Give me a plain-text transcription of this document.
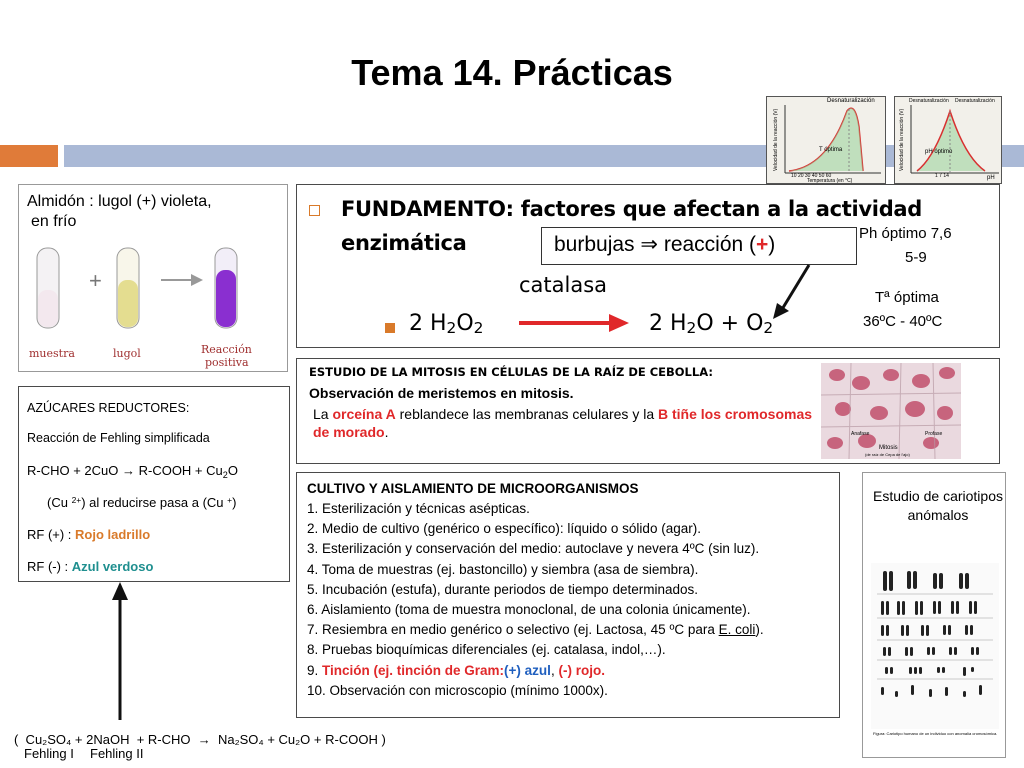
Tema 14. Prácticas
Desnaturalización
T óptima
10 20 30 40 50 60
Temperatura (en °C)
Velocidad de la reacción (V)
Desnaturalización Desnaturalización
pH óptimo
1 7 14	pH
Velocidad de la reacción (V)
Almidón : lugol (+) violeta,
en frío
+
muestra	lugol	Reacción
positiva
FUNDAMENTO: factores que afectan a la actividad
enzimática	burbujas ⇒ reacción (+)
catalasa
2 $H_2O_2$	2 $H_2O + O_2$
Ph óptimo 7,6
5-9
Tª óptima
36ºC - 40ºC
ESTUDIO DE LA MITOSIS EN CÉLULAS DE LA RAÍZ DE CEBOLLA:
Observación de meristemos en mitosis.
La orceína A reblandece las membranas celulares y la B tiñe los cromosomas de morado.	Anafase	Profase
Mitosis
(de raíz de Cepa de l'ajo)
AZÚCARES REDUCTORES:
Reacción de Fehling simplificada
R-CHO + 2CuO → R-COOH + $Cu_2O$
(Cu $^{2+}$) al reducirse pasa a (Cu +)
RF (+) : Rojo ladrillo
RF (-) : Azul verdoso
CULTIVO Y AISLAMIENTO DE MICROORGANISMOS
1. Esterilización y técnicas asépticas.
2. Medio de cultivo (genérico o específico): líquido o sólido (agar).
3. Esterilización y conservación del medio: autoclave y nevera 4ºC (sin luz).
4. Toma de muestras (ej. bastoncillo) y siembra (asa de siembra).
5. Incubación (estufa), durante periodos de tiempo determinados.
6. Aislamiento (toma de muestra monoclonal, de una colonia únicamente).
7. Resiembra en medio genérico o selectivo (ej. Lactosa, 45 ºC para E. coli).
8. Pruebas bioquímicas diferenciales (ej. catalasa, indol,…).
9. Tinción (ej. tinción de Gram:(+) azul, (-) rojo.
10. Observación con microscopio (mínimo 1000x).
Estudio de cariotipos anómalos
Figura: Cariotipo humano de un individuo con anomalía cromosómica.
(  Cu₂SO₄ + 2NaOH  + R-CHO  →  Na₂SO₄ + Cu₂O + R-COOH )
Fehling I Fehling II
